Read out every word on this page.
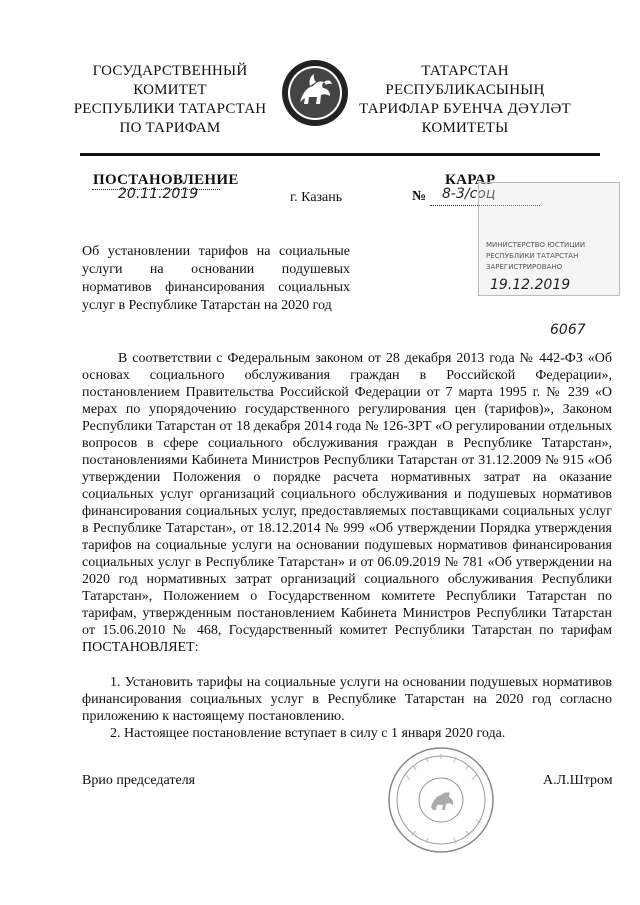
ГОСУДАРСТВЕННЫЙ
КОМИТЕТ
РЕСПУБЛИКИ ТАТАРСТАН
ПО ТАРИФАМ
ТАТАРСТАН
РЕСПУБЛИКАСЫНЫҢ
ТАРИФЛАР БУЕНЧА ДӘҮЛӘТ
КОМИТЕТЫ
ПОСТАНОВЛЕНИЕ	КАРАР
20.11.2019	г. Казань	№ 8-3/соц
МИНИСТЕРСТВО ЮСТИЦИИ
РЕСПУБЛИКИ ТАТАРСТАН
ЗАРЕГИСТРИРОВАНО
19.12.2019
6067
Об установлении тарифов на социальные услуги на основании подушевых нормативов финансирования социальных услуг в Республике Татарстан на 2020 год

В соответствии с Федеральным законом от 28 декабря 2013 года № 442-ФЗ «Об основах социального обслуживания граждан в Российской Федерации», постановлением Правительства Российской Федерации от 7 марта 1995 г. № 239 «О мерах по упорядочению государственного регулирования цен (тарифов)», Законом Республики Татарстан от 18 декабря 2014 года № 126-ЗРТ «О регулировании отдельных вопросов в сфере социального обслуживания граждан в Республике Татарстан», постановлениями Кабинета Министров Республики Татарстан от 31.12.2009 № 915 «Об утверждении Положения о порядке расчета нормативных затрат на оказание социальных услуг организаций социального обслуживания и подушевых нормативов финансирования социальных услуг, предоставляемых поставщиками социальных услуг в Республике Татарстан», от 18.12.2014 № 999 «Об утверждении Порядка утверждения тарифов на социальные услуги на основании подушевых нормативов финансирования социальных услуг в Республике Татарстан» и от 06.09.2019 № 781 «Об утверждении на 2020 год нормативных затрат организаций социального обслуживания Республики Татарстан», Положением о Государственном комитете Республики Татарстан по тарифам, утвержденным постановлением Кабинета Министров Республики Татарстан от 15.06.2010 № 468, Государственный комитет Республики Татарстан по тарифам ПОСТАНОВЛЯЕТ:

1. Установить тарифы на социальные услуги на основании подушевых нормативов финансирования социальных услуг в Республике Татарстан на 2020 год согласно приложению к настоящему постановлению.

2. Настоящее постановление вступает в силу с 1 января 2020 года.

Врио председателя	А.Л.Штром
